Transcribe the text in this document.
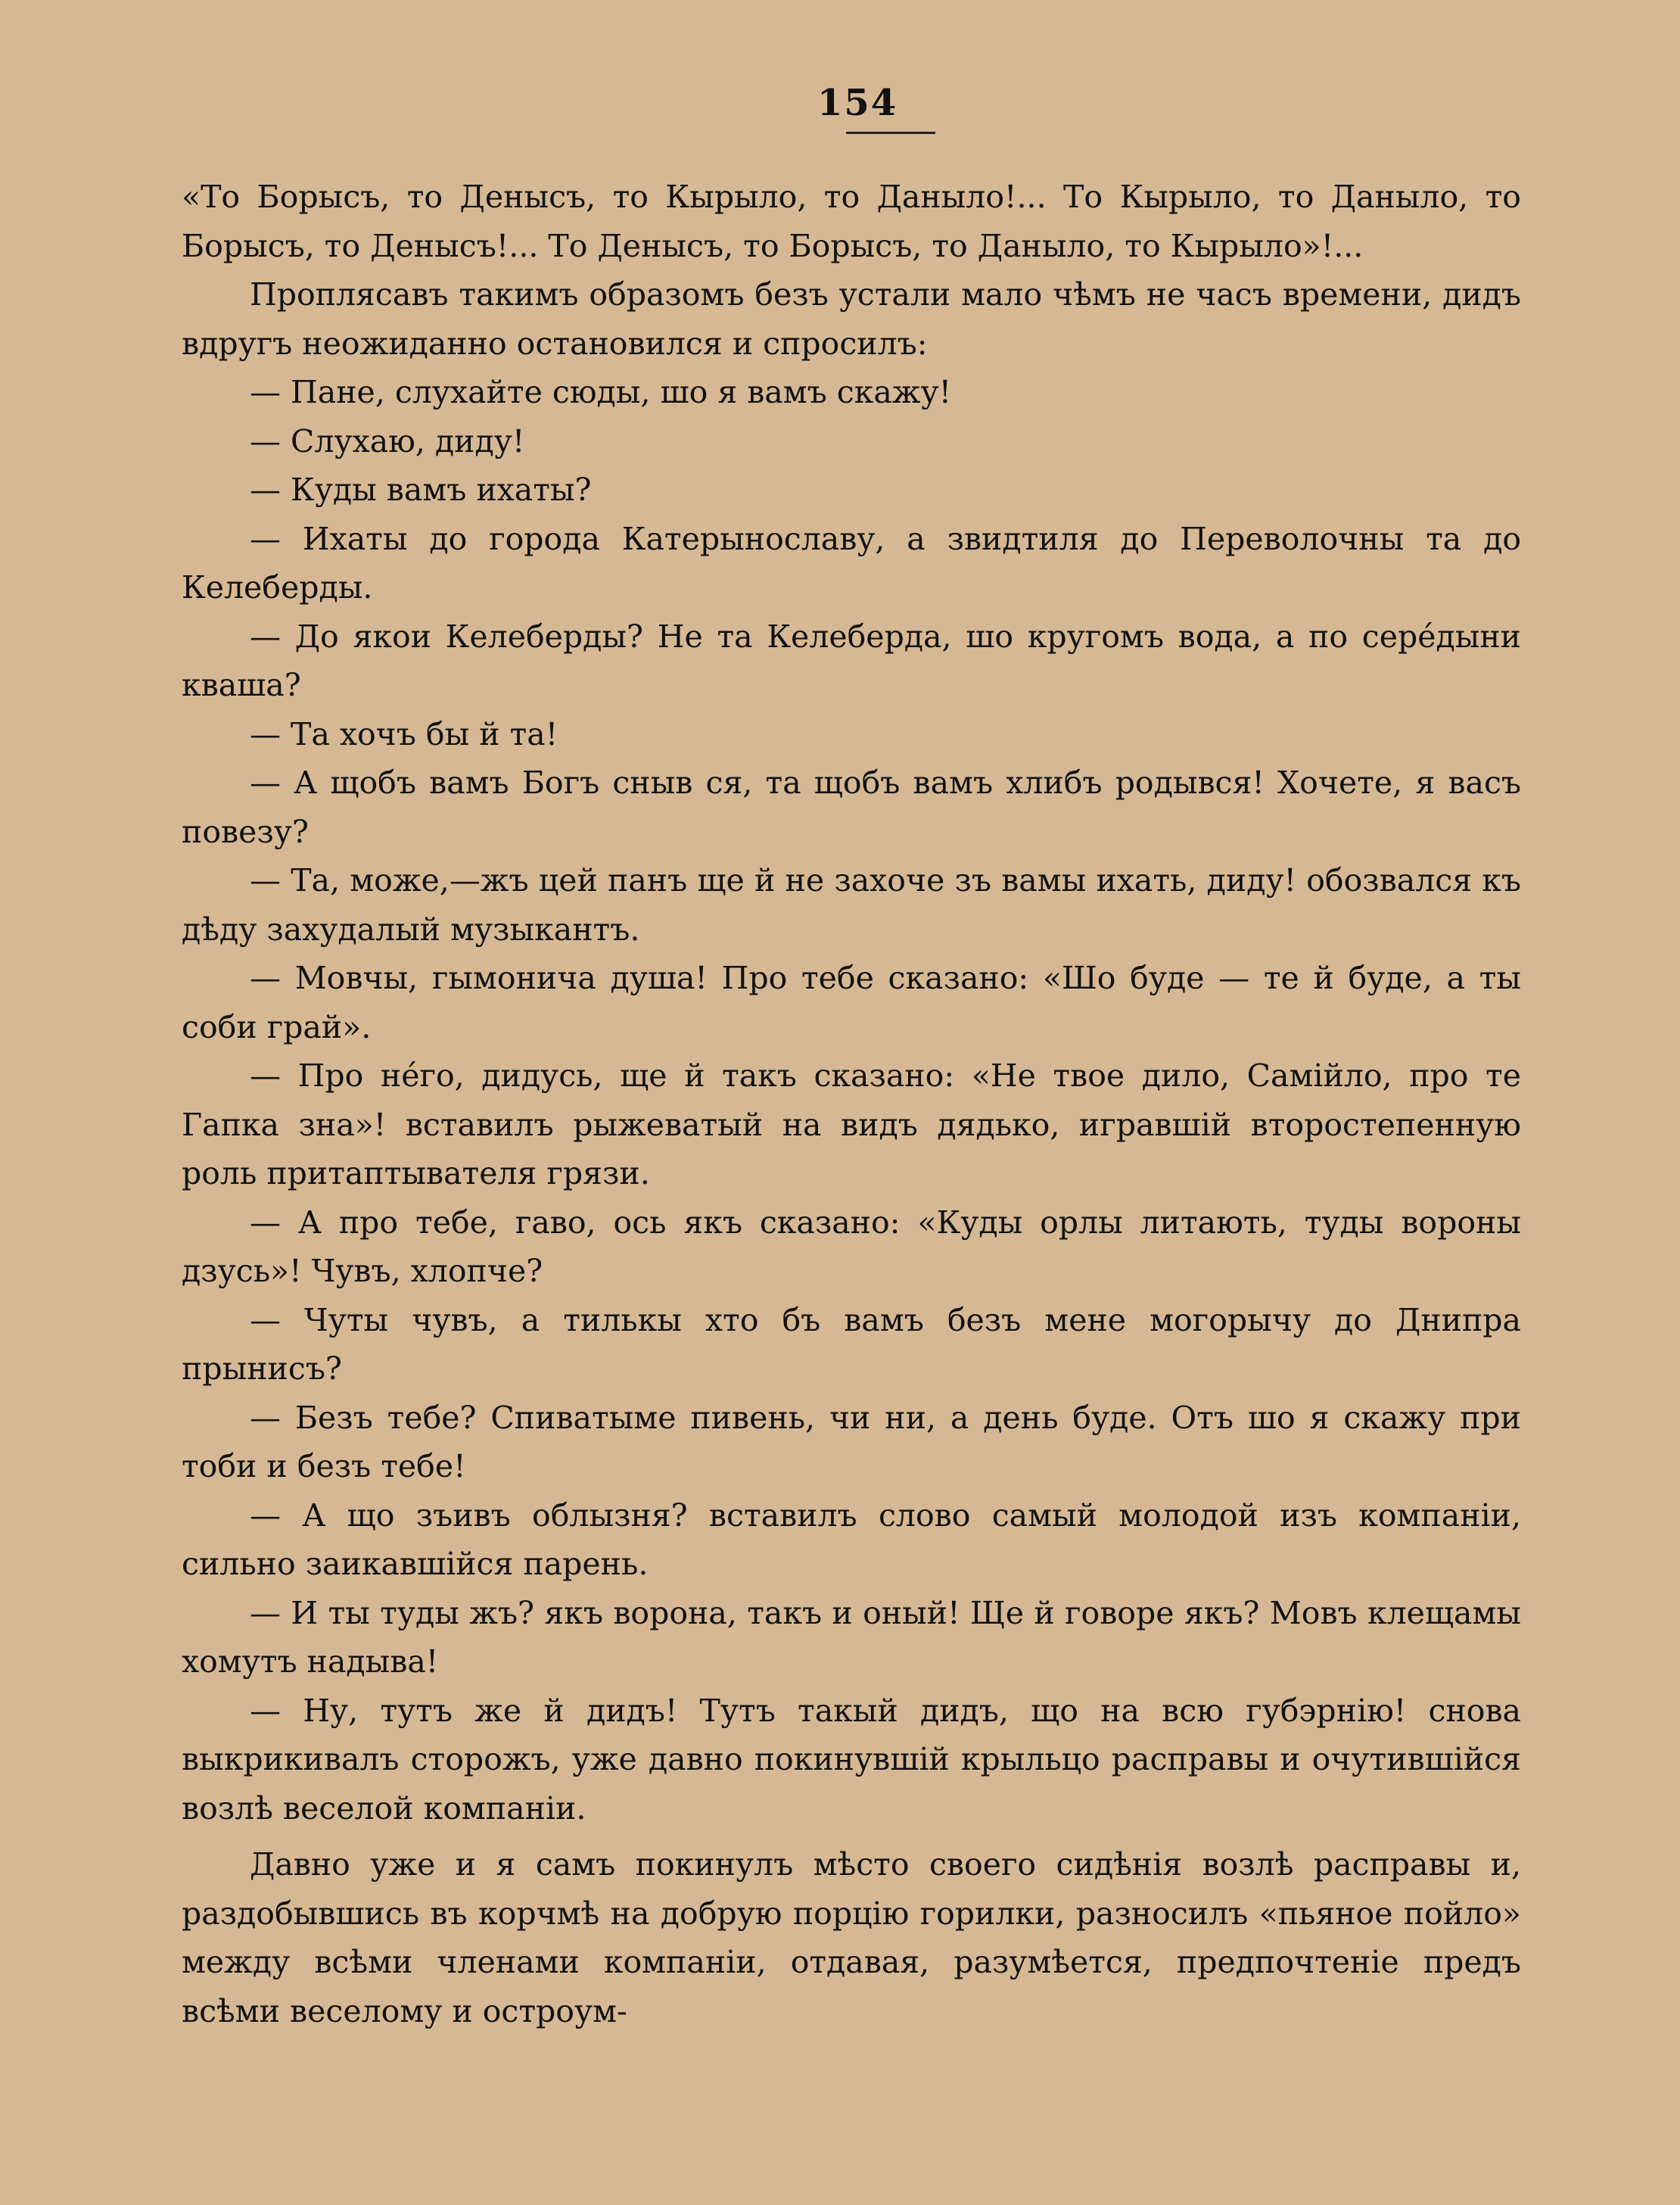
154

«То Борысъ, то Денысъ, то Кырыло, то Даныло!... То Кырыло, то Даныло, то Борысъ, то Денысъ!... То Денысъ, то Борысъ, то Даныло, то Кырыло»!...

Проплясавъ такимъ образомъ безъ устали мало чѣмъ не часъ времени, дидъ вдругъ неожиданно остановился и спросилъ:

— Пане, слухайте сюды, шо я вамъ скажу!

— Слухаю, диду!

— Куды вамъ ихаты?

— Ихаты до города Катерынославу, а звидтиля до Переволочны та до Келеберды.

— До якои Келеберды? Не та Келеберда, шо кругомъ вода, а по серéдыни кваша?

— Та хочъ бы й та!

— А щобъ вамъ Богъ сныв ся, та щобъ вамъ хлибъ родывся! Хочете, я васъ повезу?

— Та, може,—жъ цей панъ ще й не захоче зъ вамы ихать, диду! обозвался къ дѣду захудалый музыкантъ.

— Мовчы, гымонича душа! Про тебе сказано: «Шо буде — те й буде, а ты соби грай».

— Про нéго, дидусь, ще й такъ сказано: «Не твое дило, Самійло, про те Гапка зна»! вставилъ рыжеватый на видъ дядько, игравшій второстепенную роль притаптывателя грязи.

— А про тебе, гаво, ось якъ сказано: «Куды орлы литають, туды вороны дзусь»! Чувъ, хлопче?

— Чуты чувъ, а тилькы хто бъ вамъ безъ мене могорычу до Днипра прынисъ?

— Безъ тебе? Спиватыме пивень, чи ни, а день буде. Отъ шо я скажу при тоби и безъ тебе!

— А що зъивъ облызня? вставилъ слово самый молодой изъ компаніи, сильно заикавшійся парень.

— И ты туды жъ? якъ ворона, такъ и оный! Ще й говоре якъ? Мовъ клещамы хомутъ надыва!

— Ну, тутъ же й дидъ! Тутъ такый дидъ, що на всю губэрнію! снова выкрикивалъ сторожъ, уже давно покинувшій крыльцо расправы и очутившійся возлѣ веселой компаніи.

Давно уже и я самъ покинулъ мѣсто своего сидѣнія возлѣ расправы и, раздобывшись въ корчмѣ на добрую порцію горилки, разносилъ «пьяное пойло» между всѣми членами компаніи, отдавая, разумѣется, предпочтеніе предъ всѣми веселому и остроум-
